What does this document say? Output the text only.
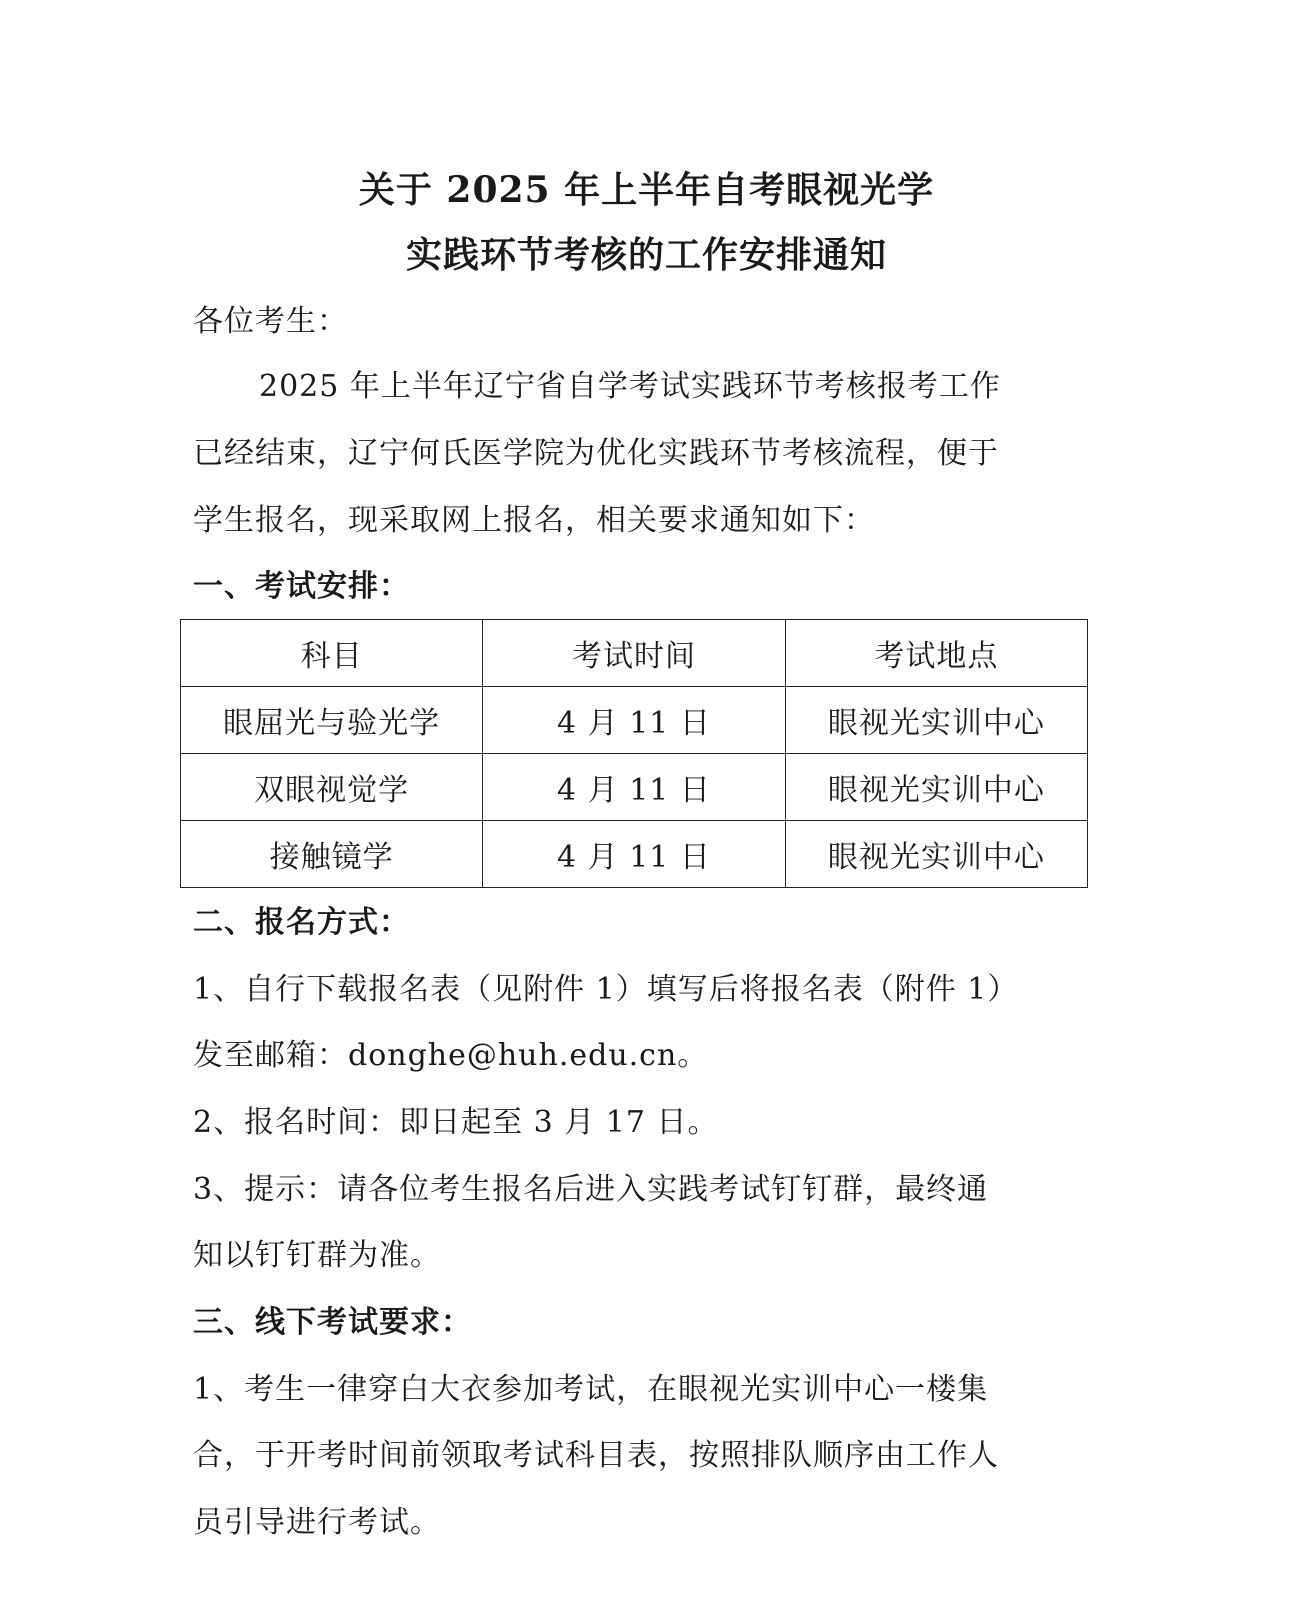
关于 2025 年上半年自考眼视光学
实践环节考核的工作安排通知

各位考生：

2025 年上半年辽宁省自学考试实践环节考核报考工作

已经结束，辽宁何氏医学院为优化实践环节考核流程，便于

学生报名，现采取网上报名，相关要求通知如下：

一、考试安排：

科目	考试时间	考试地点
眼屈光与验光学	4 月 11 日	眼视光实训中心
双眼视觉学	4 月 11 日	眼视光实训中心
接触镜学	4 月 11 日	眼视光实训中心

二、报名方式：

1、自行下载报名表（见附件 1）填写后将报名表（附件 1）

发至邮箱：donghe@huh.edu.cn。

2、报名时间：即日起至 3 月 17 日。

3、提示：请各位考生报名后进入实践考试钉钉群，最终通

知以钉钉群为准。

三、线下考试要求：

1、考生一律穿白大衣参加考试，在眼视光实训中心一楼集

合，于开考时间前领取考试科目表，按照排队顺序由工作人

员引导进行考试。
